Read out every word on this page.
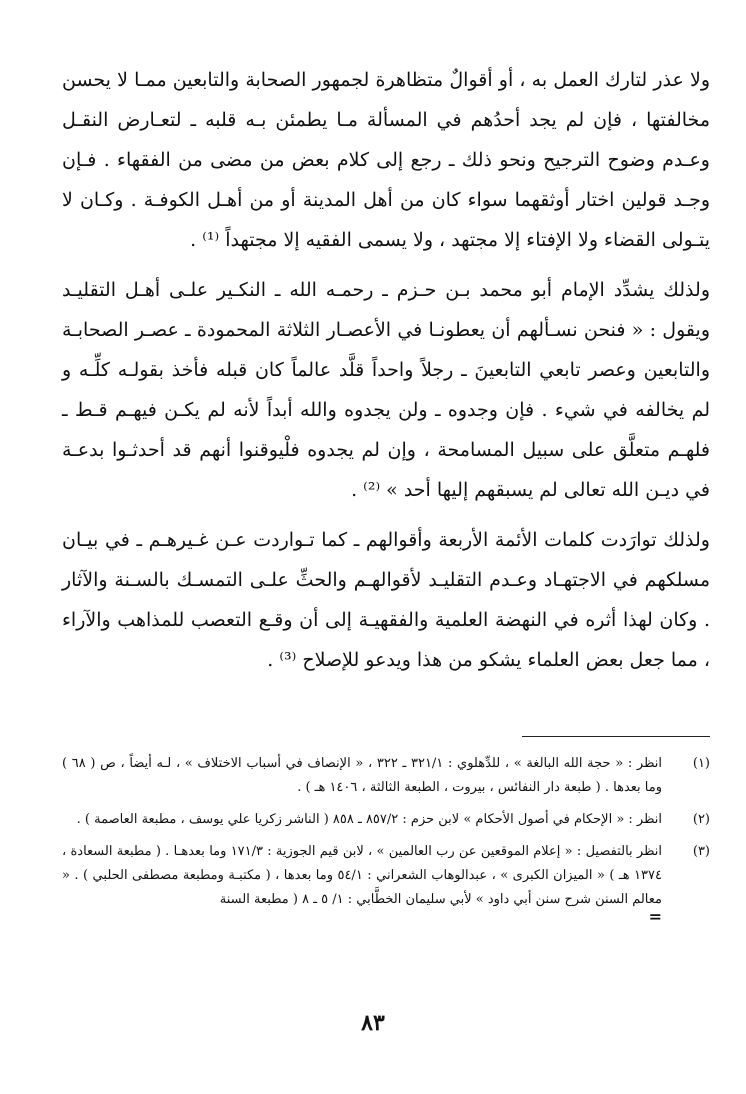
ولا عذر لتارك العمل به ، أو أقوالٌ متظاهرة لجمهور الصحابة والتابعين ممـا لا يحسن مخالفتها ، فإن لم يجد أحدُهم في المسألة مـا يطمئن بـه قلبه ـ لتعـارض النقـل وعـدم وضوح الترجيح ونحو ذلك ـ رجع إلى كلام بعض من مضى من الفقهاء . فـإن وجـد قولين اختار أوثقهما سواء كان من أهل المدينة أو من أهـل الكوفـة . وكـان لا يتـولى القضاء ولا الإفتاء إلا مجتهد ، ولا يسمى الفقيه إلا مجتهداً ⁽¹⁾ .

ولذلك يشدِّد الإمام أبو محمد بـن حـزم ـ رحمـه الله ـ النكـير علـى أهـل التقليـد ويقول : « فنحن نسـألهم أن يعطونـا في الأعصـار الثلاثة المحمودة ـ عصـر الصحابـة والتابعين وعصر تابعي التابعينَ ـ رجلاً واحداً قلَّد عالماً كان قبله فأخذ بقولـه كلِّـه و لم يخالفه في شيء . فإن وجدوه ـ ولن يجدوه والله أبداً لأنه لم يكـن فيهـم قـط ـ فلهـم متعلَّق على سبيل المسامحة ، وإن لم يجدوه فلْيوقنوا أنهم قد أحدثـوا بدعـة في ديـن الله تعالى لم يسبقهم إليها أحد » ⁽²⁾ .

ولذلك توارَدت كلمات الأئمة الأربعة وأقوالهم ـ كما تـواردت عـن غـيرهـم ـ في بيـان مسلكهم في الاجتهـاد وعـدم التقليـد لأقوالهـم والحثِّ علـى التمسـك بالسـنة والآثار . وكان لهذا أثره في النهضة العلمية والفقهيـة إلى أن وقـع التعصب للمذاهب والآراء ، مما جعل بعض العلماء يشكو من هذا ويدعو للإصلاح ⁽³⁾ .

(١)
انظر : « حجة الله البالغة » ، للدِّهلوي : ٣٢١/١ ـ ٣٢٢ ، « الإنصاف في أسباب الاختلاف » ، لـه أيضاً ، ص ( ٦٨ ) وما بعدها . ( طبعة دار النفائس ، بيروت ، الطبعة الثالثة ، ١٤٠٦ هـ ) .
(٢)
انظر : « الإحكام في أصول الأحكام » لابن حزم : ٨٥٧/٢ ـ ٨٥٨ ( الناشر زكريا علي يوسف ، مطبعة العاصمة ) .
(٣)
انظر بالتفصيل : « إعلام الموقعين عن رب العالمين » ، لابن قيم الجوزية : ١٧١/٣ وما بعدهـا . ( مطبعة السعادة ، ١٣٧٤ هـ ) « الميزان الكبرى » ، عبدالوهاب الشعراني : ٥٤/١ وما بعدها ، ( مكتبـة ومطبعة مصطفى الحلبي ) . « معالم السنن شرح سنن أبي داود » لأبي سليمان الخطَّابي : ١/ ٥ ـ ٨ ( مطبعة السنة
=
٨٣
